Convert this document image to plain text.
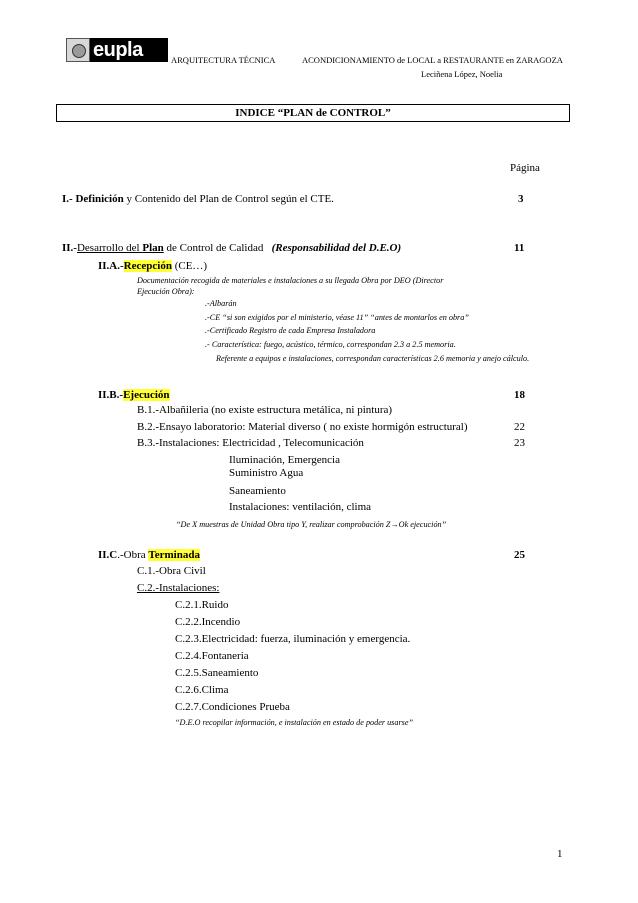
eupla	ARQUITECTURA TÉCNICA	ACONDICIONAMIENTO de LOCAL a RESTAURANTE en ZARAGOZA
Leciñena López, Noelia
INDICE “PLAN de CONTROL”
Página
I.- Definición y Contenido del Plan de Control según el CTE.	3
II.-Desarrollo del Plan de Control de Calidad   (Responsabilidad del D.E.O)	11
II.A.-Recepción (CE…)
Documentación recogida de materiales e instalaciones a su llegada Obra por DEO (Director
Ejecución Obra):
.-Albarán
.-CE “si son exigidos por el ministerio, véase 11” “antes de montarlos en obra”
.-Certificado Registro de cada Empresa Instaladora
.- Característica: fuego, acústico, térmico, correspondan 2.3 a 2.5 memoria.
Referente a equipos e instalaciones, correspondan características 2.6 memoria y anejo cálculo.
II.B.-Ejecución	18
B.1.-Albañileria (no existe estructura metálica, ni pintura)
B.2.-Ensayo laboratorio: Material diverso ( no existe hormigón estructural)	22
B.3.-Instalaciones: Electricidad , Telecomunicación	23
Iluminación, Emergencia
Suministro Agua
Saneamiento
Instalaciones: ventilación, clima
“De X muestras de Unidad Obra tipo Y, realizar comprobación Z→Ok ejecución”
II.C.-Obra Terminada	25
C.1.-Obra Civil
C.2.-Instalaciones:
C.2.1.Ruido
C.2.2.Incendio
C.2.3.Electricidad: fuerza, iluminación y emergencia.
C.2.4.Fontaneria
C.2.5.Saneamiento
C.2.6.Clima
C.2.7.Condiciones Prueba
“D.E.O recopilar información, e instalación en estado de poder usarse”
1
